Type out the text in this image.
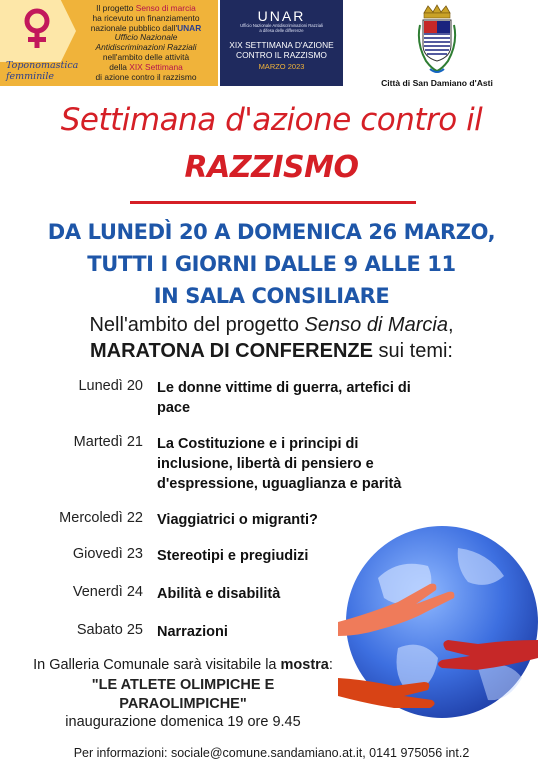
Toponomastica
femminile
Il progetto Senso di marcia
ha ricevuto un finanziamento
nazionale pubblico dall'UNAR
Ufficio Nazionale
Antidiscriminazioni Razziali
nell'ambito delle attività
della XIX Settimana
di azione contro il razzismo
UNAR
Ufficio Nazionale Antidiscriminazioni Razziali
a difesa delle differenze
XIX SETTIMANA D'AZIONE
CONTRO IL RAZZISMO
MARZO 2023
Città di San Damiano d'Asti
Settimana d'azione contro il
RAZZISMO
DA LUNEDÌ 20 A DOMENICA 26 MARZO,
TUTTI I GIORNI DALLE 9 ALLE 11
IN SALA CONSILIARE
Nell'ambito del progetto Senso di Marcia,
MARATONA DI CONFERENZE sui temi:
Lunedì 20 Le donne vittime di guerra, artefici di
pace
Martedì 21 La Costituzione e i principi di
inclusione, libertà di pensiero e
d'espressione, uguaglianza e parità
Mercoledì 22 Viaggiatrici o migranti?
Giovedì 23 Stereotipi e pregiudizi
Venerdì 24 Abilità e disabilità
Sabato 25 Narrazioni
In Galleria Comunale sarà visitabile la mostra:
"LE ATLETE OLIMPICHE E
PARAOLIMPICHE"
inaugurazione domenica 19 ore 9.45
Per informazioni: sociale@comune.sandamiano.at.it, 0141 975056 int.2
